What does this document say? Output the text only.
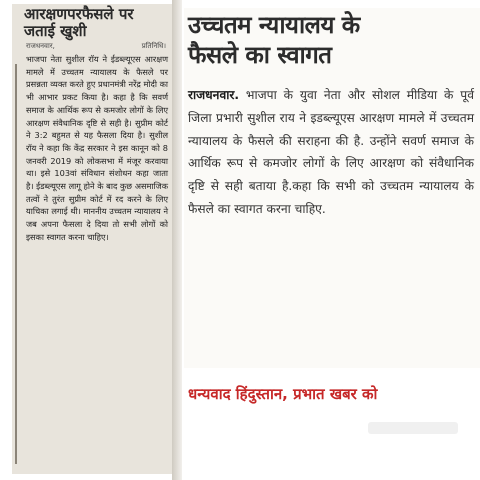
आरक्षणपरफैसले पर जताई खुशी
राजधनवार,	प्रतिनिधि।
भाजपा नेता सुशील रॉय ने ईडब्ल्यूएस आरक्षण मामले में उच्चतम न्यायालय के फैसले पर प्रसन्नता व्यक्त करते हुए प्रधानमंत्री नरेंद्र मोदी का भी आभार प्रकट किया है। कहा है कि सवर्ण समाज के आर्थिक रूप से कमजोर लोगों के लिए आरक्षण संवैधानिक दृष्टि से सही है। सुप्रीम कोर्ट ने 3:2 बहुमत से यह फैसला दिया है। सुशील रॉय ने कहा कि केंद्र सरकार ने इस कानून को 8 जनवरी 2019 को लोकसभा में मंजूर करवाया था। इसे 103वां संविधान संशोधन कहा जाता है। ईडब्ल्यूएस लागू होने के बाद कुछ असमाजिक तत्वों ने तुरंत सुप्रीम कोर्ट में रद करने के लिए याचिका लगाई थी। माननीय उच्चतम न्यायालय ने जब अपना फैसला दे दिया तो सभी लोगों को इसका स्वागत करना चाहिए।
उच्चतम न्यायालय के
फैसले का स्वागत
राजधनवार. भाजपा के युवा नेता और सोशल मीडिया के पूर्व जिला प्रभारी सुशील राय ने इडब्ल्यूएस आरक्षण मामले में उच्चतम न्यायालय के फैसले की सराहना की है. उन्होंने सवर्ण समाज के आर्थिक रूप से कमजोर लोगों के लिए आरक्षण को संवैधानिक दृष्टि से सही बताया है.कहा कि सभी को उच्चतम न्यायालय के फैसले का स्वागत करना चाहिए.
धन्यवाद हिंदुस्तान, प्रभात खबर को
